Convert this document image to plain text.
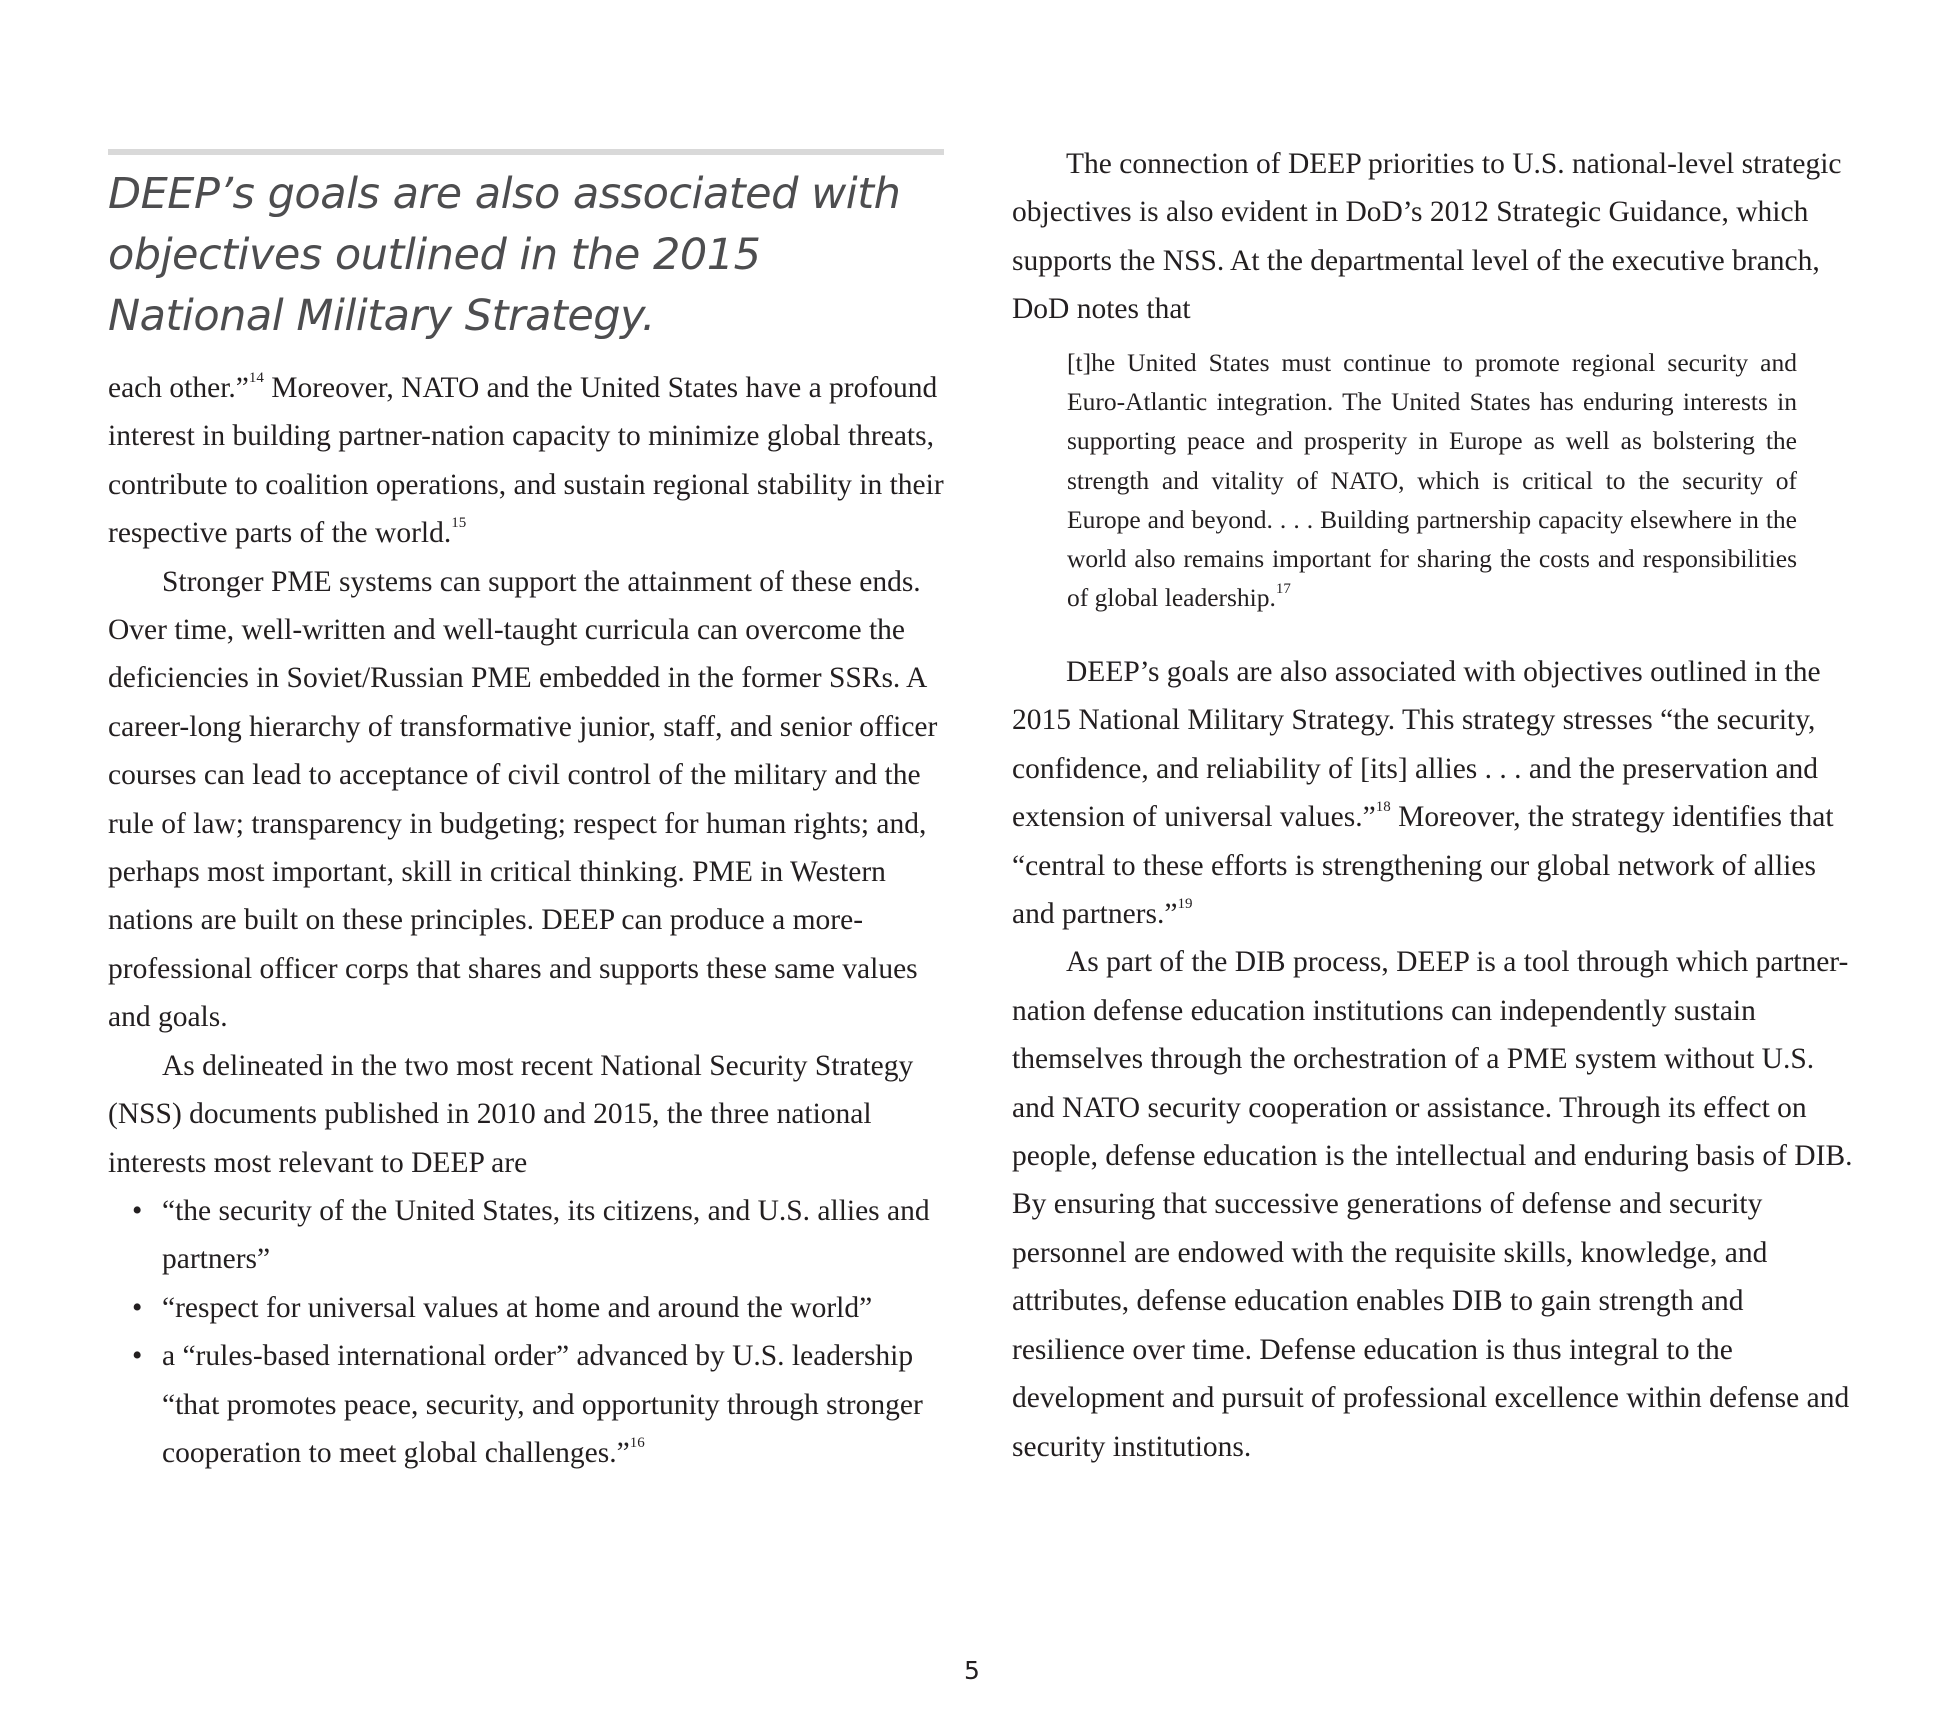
DEEP’s goals are also associated with objectives outlined in the 2015 National Military Strategy.

each other.”$^{14}$ Moreover, NATO and the United States have a profound interest in building partner-nation capacity to minimize global threats, contribute to coalition operations, and sustain regional stability in their respective parts of the world.$^{15}$

Stronger PME systems can support the attainment of these ends. Over time, well-written and well-taught curricula can overcome the deficiencies in Soviet/Russian PME embedded in the former SSRs. A career-long hierarchy of transformative junior, staff, and senior officer courses can lead to acceptance of civil control of the military and the rule of law; transparency in budgeting; respect for human rights; and, perhaps most important, skill in critical thinking. PME in Western nations are built on these principles. DEEP can produce a more-professional officer corps that shares and supports these same values and goals.

As delineated in the two most recent National Security Strategy (NSS) documents published in 2010 and 2015, the three national interests most relevant to DEEP are

• “the security of the United States, its citizens, and U.S. allies and partners”
• “respect for universal values at home and around the world”
• a “rules-based international order” advanced by U.S. leadership “that promotes peace, security, and opportunity through stronger cooperation to meet global challenges.”$^{16}$

The connection of DEEP priorities to U.S. national-level strategic objectives is also evident in DoD’s 2012 Strategic Guidance, which supports the NSS. At the departmental level of the executive branch, DoD notes that

[t]he United States must continue to promote regional security and Euro-Atlantic integration. The United States has enduring interests in supporting peace and prosperity in Europe as well as bolstering the strength and vitality of NATO, which is critical to the security of Europe and beyond. . . . Building partnership capacity elsewhere in the world also remains important for sharing the costs and responsibilities of global leadership.$^{17}$

DEEP’s goals are also associated with objectives outlined in the 2015 National Military Strategy. This strategy stresses “the security, confidence, and reliability of [its] allies . . . and the preservation and extension of universal values.”$^{18}$ Moreover, the strategy identifies that “central to these efforts is strengthening our global network of allies and partners.”$^{19}$

As part of the DIB process, DEEP is a tool through which partner-nation defense education institutions can independently sustain themselves through the orchestration of a PME system without U.S. and NATO security cooperation or assistance. Through its effect on people, defense education is the intellectual and enduring basis of DIB. By ensuring that successive generations of defense and security personnel are endowed with the requisite skills, knowledge, and attributes, defense education enables DIB to gain strength and resilience over time. Defense education is thus integral to the development and pursuit of professional excellence within defense and security institutions.

5
